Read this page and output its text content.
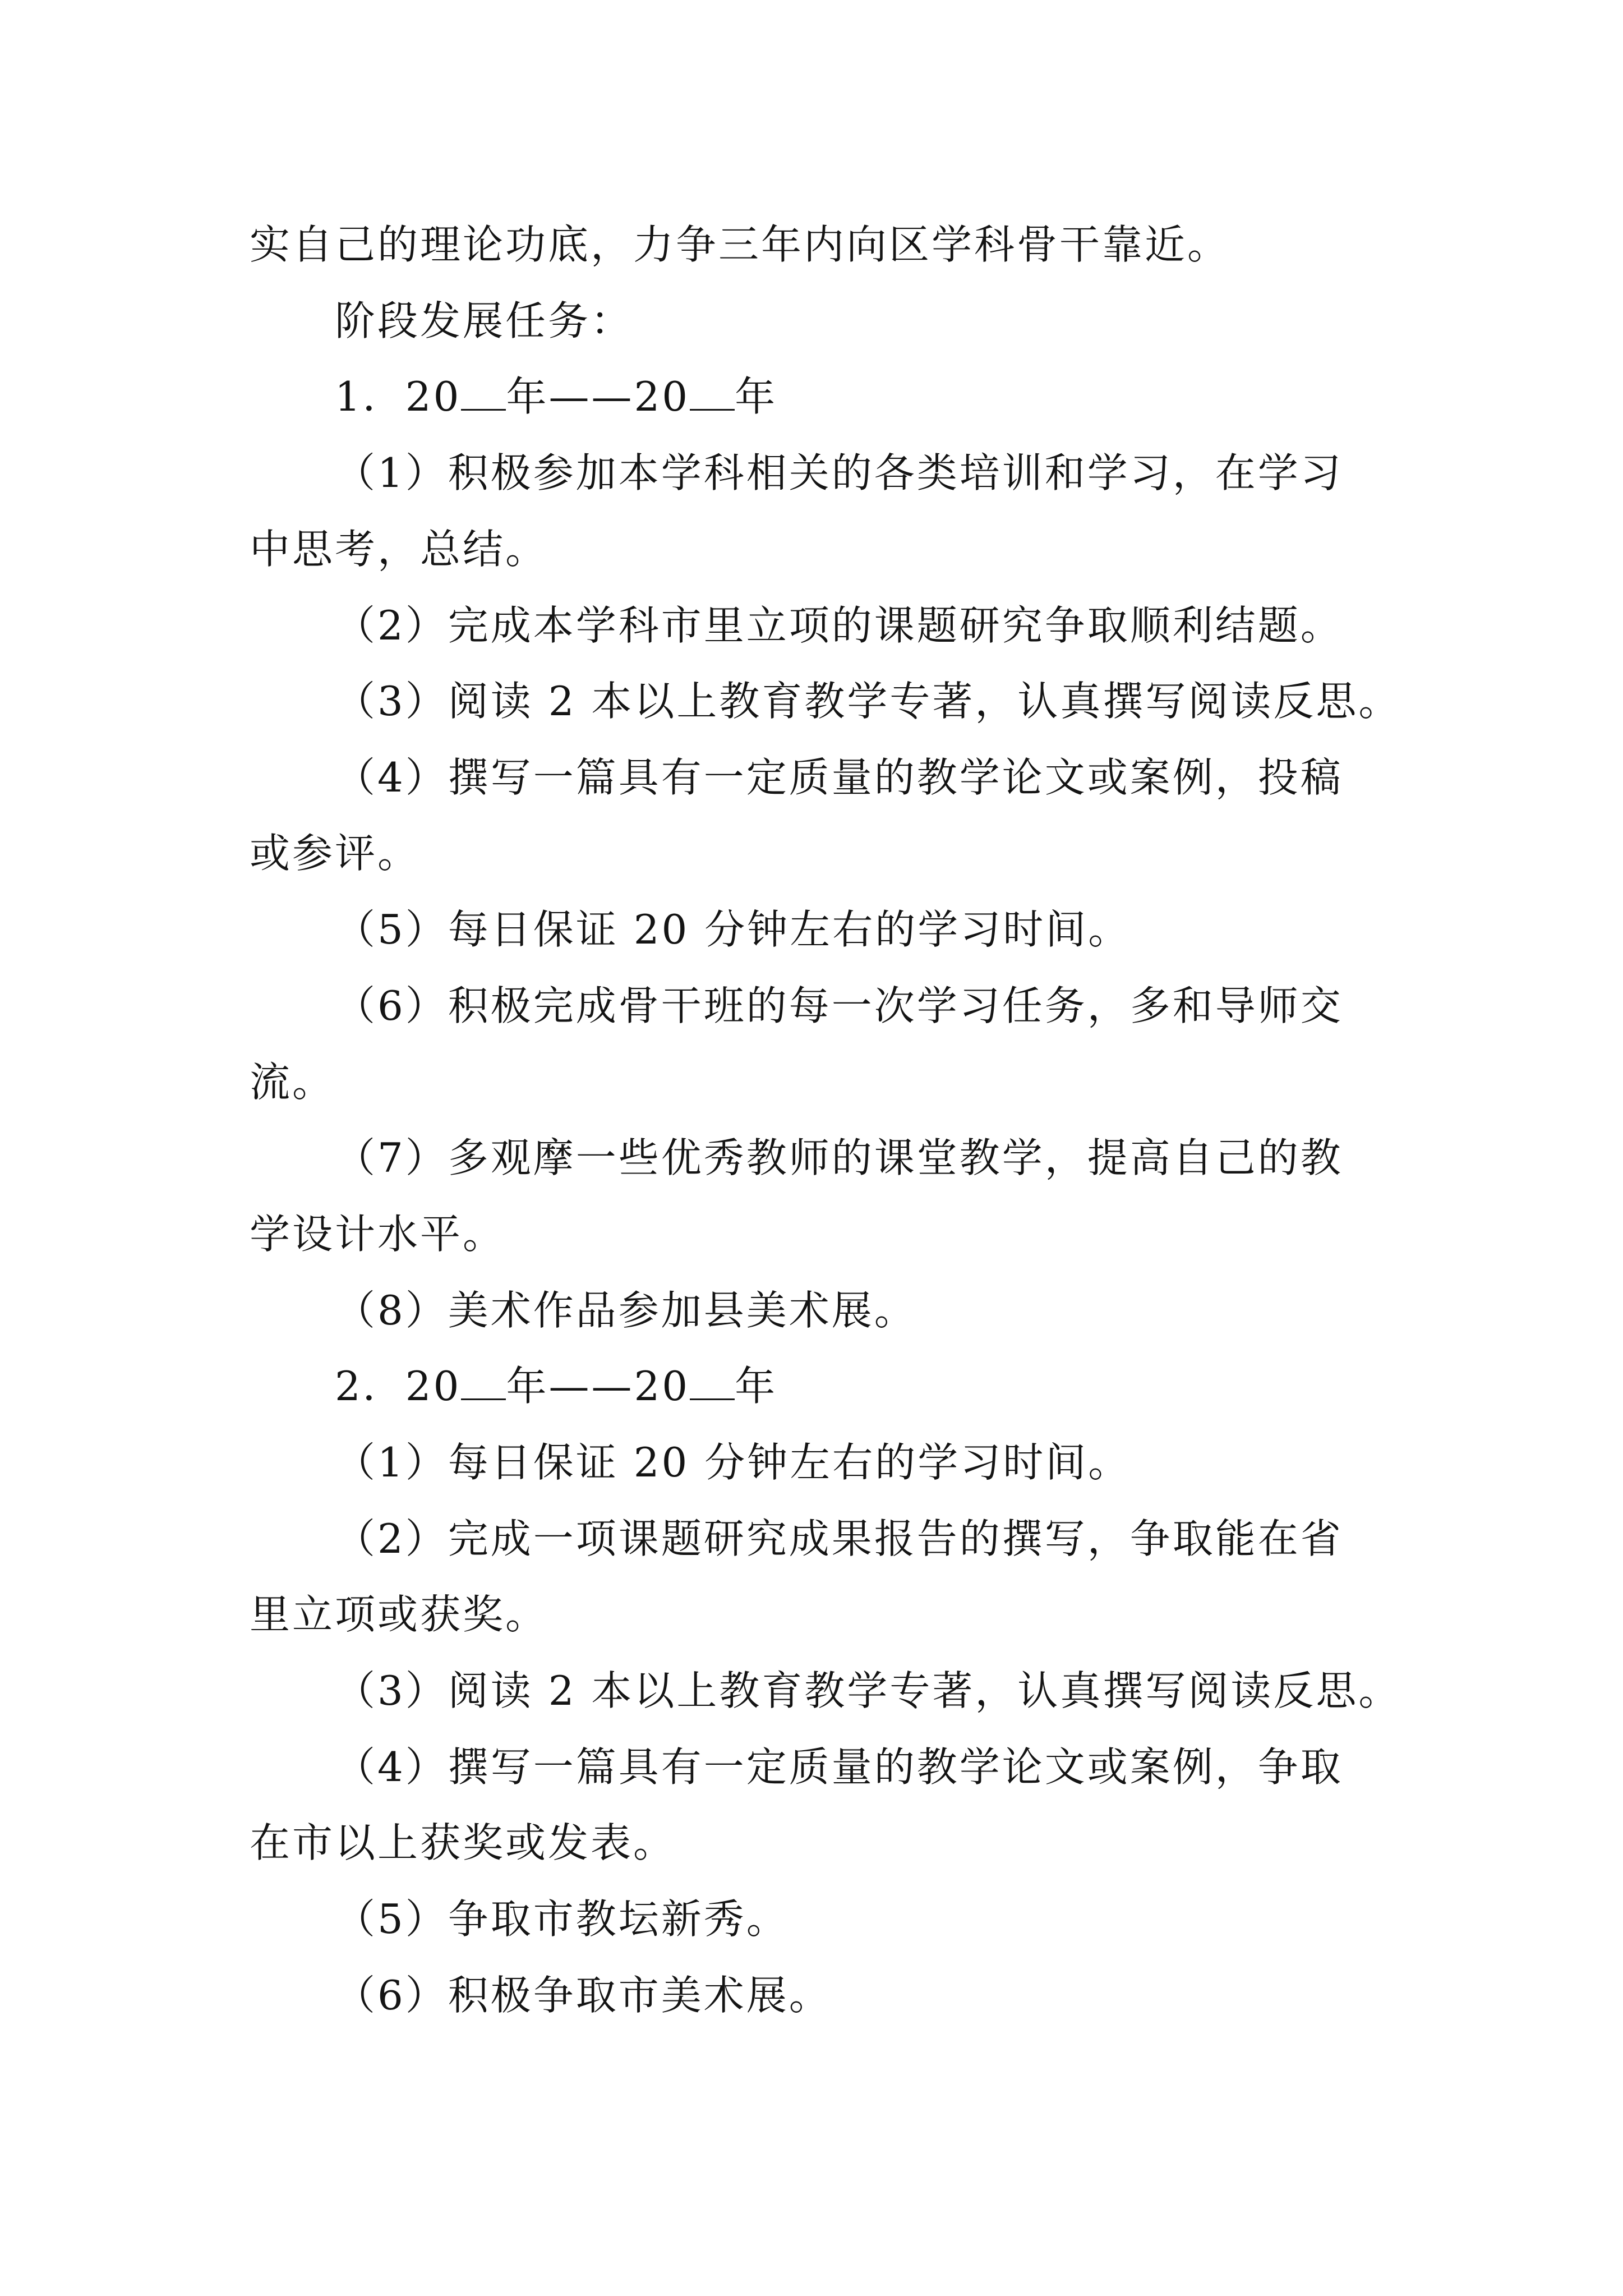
实自己的理论功底，力争三年内向区学科骨干靠近。
阶段发展任务：
1．20 年——20 年
（1）积极参加本学科相关的各类培训和学习，在学习
中思考，总结。
（2）完成本学科市里立项的课题研究争取顺利结题。
（3）阅读 2 本以上教育教学专著，认真撰写阅读反思。
（4）撰写一篇具有一定质量的教学论文或案例，投稿
或参评。
（5）每日保证 20 分钟左右的学习时间。
（6）积极完成骨干班的每一次学习任务，多和导师交
流。
（7）多观摩一些优秀教师的课堂教学，提高自己的教
学设计水平。
（8）美术作品参加县美术展。
2．20 年——20 年
（1）每日保证 20 分钟左右的学习时间。
（2）完成一项课题研究成果报告的撰写，争取能在省
里立项或获奖。
（3）阅读 2 本以上教育教学专著，认真撰写阅读反思。
（4）撰写一篇具有一定质量的教学论文或案例，争取
在市以上获奖或发表。
（5）争取市教坛新秀。
（6）积极争取市美术展。
